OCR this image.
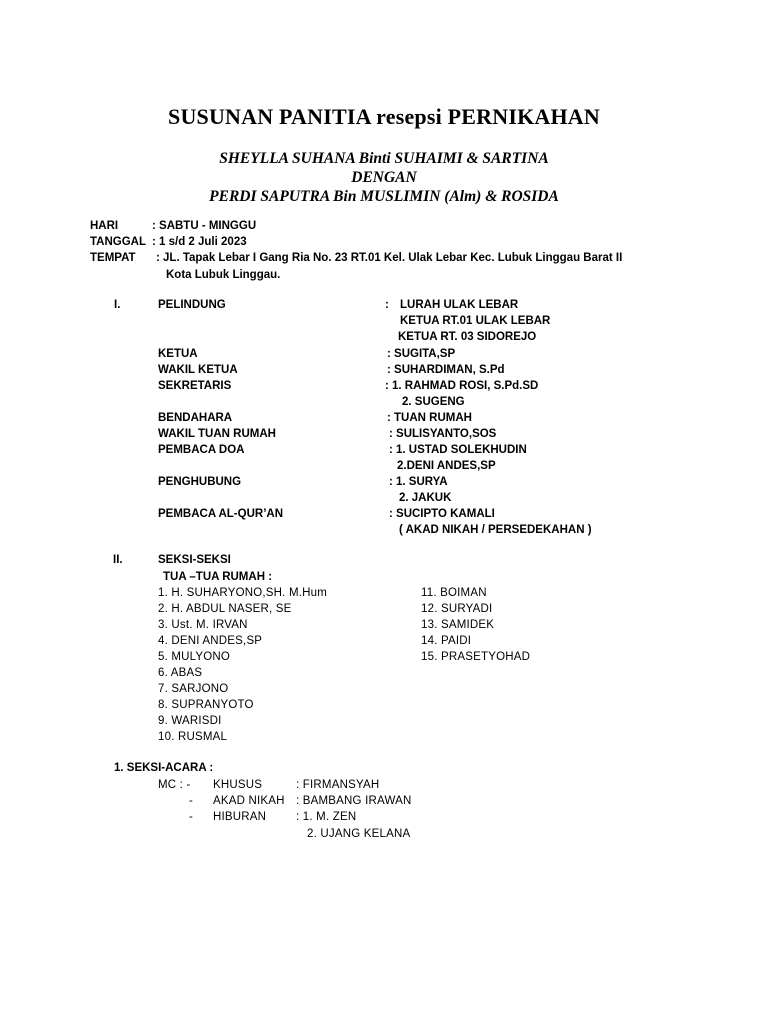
SUSUNAN PANITIA resepsi PERNIKAHAN
SHEYLLA SUHANA Binti SUHAIMI & SARTINA
DENGAN
PERDI SAPUTRA Bin MUSLIMIN (Alm) & ROSIDA
HARI	: SABTU - MINGGU
TANGGAL : 1 s/d 2 Juli 2023
TEMPAT : JL. Tapak Lebar I Gang Ria No. 23 RT.01 Kel. Ulak Lebar Kec. Lubuk Linggau Barat II
Kota Lubuk Linggau.
I.	PELINDUNG	: LURAH ULAK LEBAR
KETUA RT.01 ULAK LEBAR
KETUA RT. 03 SIDOREJO
KETUA	: SUGITA,SP
WAKIL KETUA	: SUHARDIMAN, S.Pd
SEKRETARIS	: 1. RAHMAD ROSI, S.Pd.SD
2. SUGENG
BENDAHARA	: TUAN RUMAH
WAKIL TUAN RUMAH	: SULISYANTO,SOS
PEMBACA DOA	: 1. USTAD SOLEKHUDIN
2.DENI ANDES,SP
PENGHUBUNG	: 1. SURYA
2. JAKUK
PEMBACA AL-QUR’AN	: SUCIPTO KAMALI
( AKAD NIKAH / PERSEDEKAHAN )
II.	SEKSI-SEKSI
TUA –TUA RUMAH :
1. H. SUHARYONO,SH. M.Hum
2. H. ABDUL NASER, SE
3. Ust. M. IRVAN
4. DENI ANDES,SP
5. MULYONO
6. ABAS
7. SARJONO
8. SUPRANYOTO
9. WARISDI
10. RUSMAL
11. BOIMAN
12. SURYADI
13. SAMIDEK
14. PAIDI
15. PRASETYOHAD
1. SEKSI-ACARA :
MC : - KHUSUS	: FIRMANSYAH
- AKAD NIKAH : BAMBANG IRAWAN
- HIBURAN	: 1. M. ZEN
2. UJANG KELANA
